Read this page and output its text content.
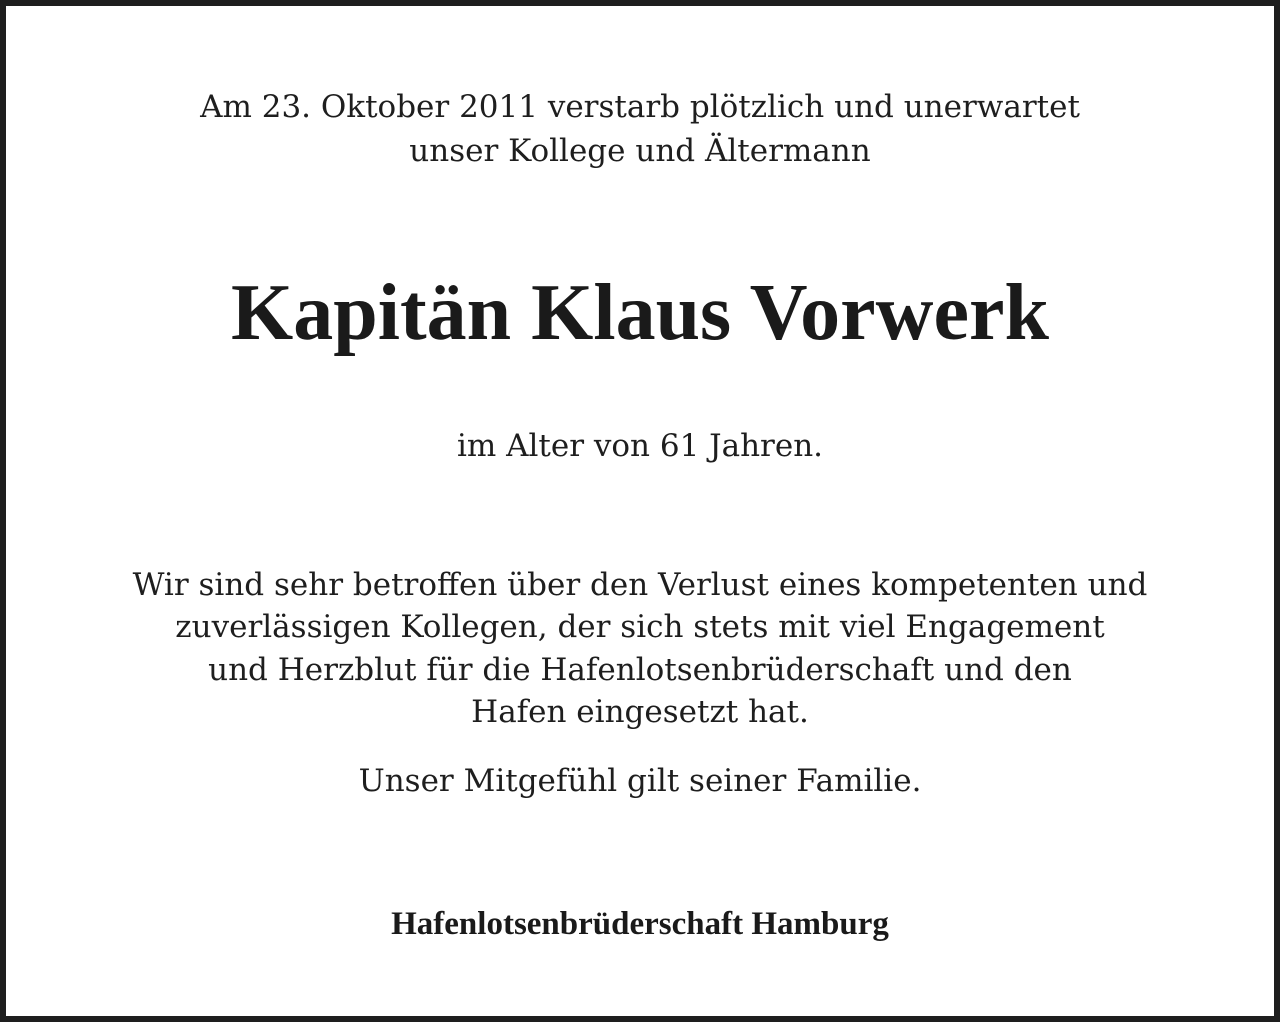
Am 23. Oktober 2011 verstarb plötzlich und unerwartet
unser Kollege und Ältermann
Kapitän Klaus Vorwerk
im Alter von 61 Jahren.
Wir sind sehr betroffen über den Verlust eines kompetenten und
zuverlässigen Kollegen, der sich stets mit viel Engagement
und Herzblut für die Hafenlotsenbrüderschaft und den
Hafen eingesetzt hat.
Unser Mitgefühl gilt seiner Familie.
Hafenlotsenbrüderschaft Hamburg
